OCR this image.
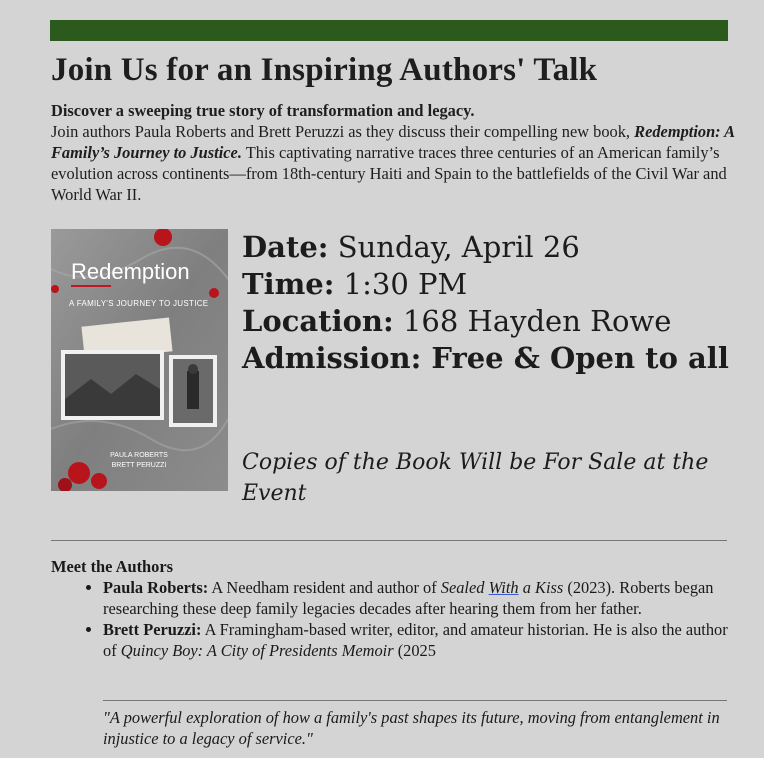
Join Us for an Inspiring Authors' Talk
Discover a sweeping true story of transformation and legacy.
Join authors Paula Roberts and Brett Peruzzi as they discuss their compelling new book, Redemption: A Family’s Journey to Justice. This captivating narrative traces three centuries of an American family’s evolution across continents—from 18th-century Haiti and Spain to the battlefields of the Civil War and World War II.
Redemption
A FAMILY'S JOURNEY TO JUSTICE
PAULA ROBERTS
BRETT PERUZZI
Date: Sunday, April 26
Time: 1:30 PM
Location: 168 Hayden Rowe
Admission: Free & Open to all
Copies of the Book Will be For Sale at the Event
Meet the Authors
• Paula Roberts: A Needham resident and author of Sealed With a Kiss (2023). Roberts began researching these deep family legacies decades after hearing them from her father.
• Brett Peruzzi: A Framingham-based writer, editor, and amateur historian. He is also the author of Quincy Boy: A City of Presidents Memoir (2025
"A powerful exploration of how a family's past shapes its future, moving from entanglement in injustice to a legacy of service."
